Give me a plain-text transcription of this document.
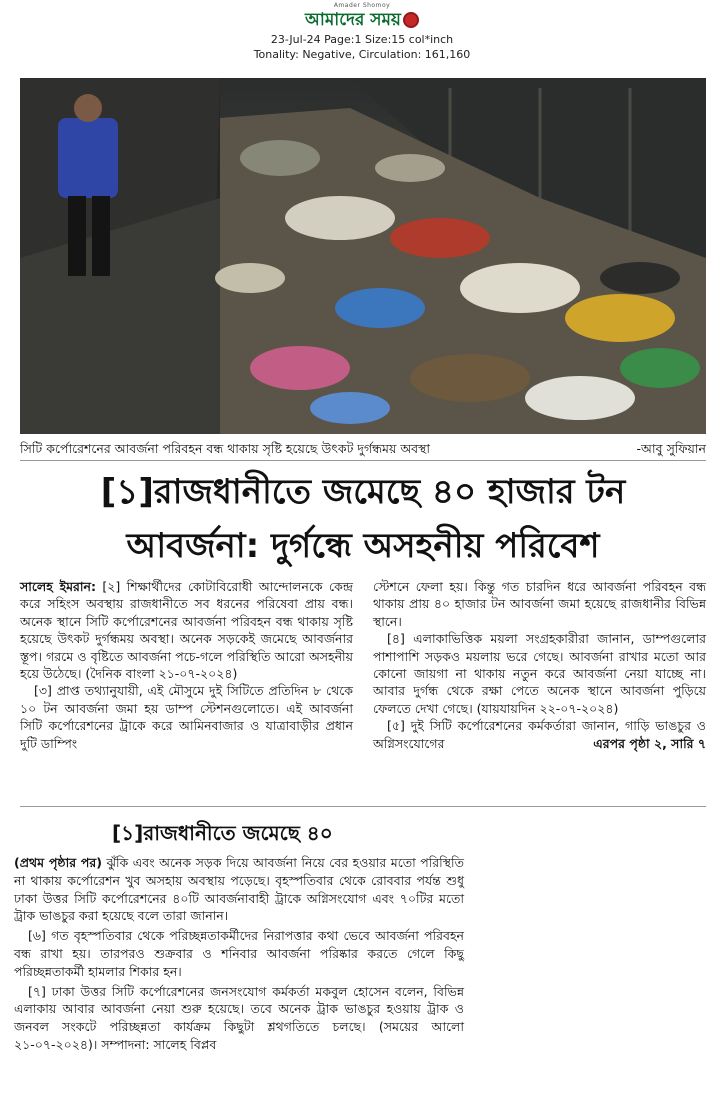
Amader Shomoy
আমাদের সময়
23-Jul-24 Page:1 Size:15 col*inch
Tonality: Negative, Circulation: 161,160
সিটি কর্পোরেশনের আবর্জনা পরিবহন বন্ধ থাকায় সৃষ্টি হয়েছে উৎকট দুর্গন্ধময় অবস্থা	-আবু সুফিয়ান
[১]রাজধানীতে জমেছে ৪০ হাজার টন
আবর্জনা: দুর্গন্ধে অসহনীয় পরিবেশ

সালেহ ইমরান: [২] শিক্ষার্থীদের কোটাবিরোধী আন্দোলনকে কেন্দ্র করে সহিংস অবস্থায় রাজধানীতে সব ধরনের পরিষেবা প্রায় বন্ধ। অনেক স্থানে সিটি কর্পোরেশনের আবর্জনা পরিবহন বন্ধ থাকায় সৃষ্টি হয়েছে উৎকট দুর্গন্ধময় অবস্থা। অনেক সড়কেই জমেছে আবর্জনার স্তূপ। গরমে ও বৃষ্টিতে আবর্জনা পচে-গলে পরিস্থিতি আরো অসহনীয় হয়ে উঠেছে। (দৈনিক বাংলা ২১-০৭-২০২৪)

[৩] প্রাপ্ত তথ্যানুযায়ী, এই মৌসুমে দুই সিটিতে প্রতিদিন ৮ থেকে ১০ টন আবর্জনা জমা হয় ডাম্প স্টেশনগুলোতে। এই আবর্জনা সিটি কর্পোরেশনের ট্রাকে করে আমিনবাজার ও যাত্রাবাড়ীর প্রধান দুটি ডাম্পিং

স্টেশনে ফেলা হয়। কিন্তু গত চারদিন ধরে আবর্জনা পরিবহন বন্ধ থাকায় প্রায় ৪০ হাজার টন আবর্জনা জমা হয়েছে রাজধানীর বিভিন্ন স্থানে।

[৪] এলাকাভিত্তিক ময়লা সংগ্রহকারীরা জানান, ডাম্পগুলোর পাশাপাশি সড়কও ময়লায় ভরে গেছে। আবর্জনা রাখার মতো আর কোনো জায়গা না থাকায় নতুন করে আবর্জনা নেয়া যাচ্ছে না। আবার দুর্গন্ধ থেকে রক্ষা পেতে অনেক স্থানে আবর্জনা পুড়িয়ে ফেলতে দেখা গেছে। (যায়যায়দিন ২২-০৭-২০২৪)

[৫] দুই সিটি কর্পোরেশনের কর্মকর্তারা জানান, গাড়ি ভাঙচুর ও অগ্নিসংযোগের	এরপর পৃষ্ঠা ২, সারি ৭

[১]রাজধানীতে জমেছে ৪০

(প্রথম পৃষ্ঠার পর) ঝুঁকি এবং অনেক সড়ক দিয়ে আবর্জনা নিয়ে বের হওয়ার মতো পরিস্থিতি না থাকায় কর্পোরেশন খুব অসহায় অবস্থায় পড়েছে। বৃহস্পতিবার থেকে রোববার পর্যন্ত শুধু ঢাকা উত্তর সিটি কর্পোরেশনের ৪০টি আবর্জনাবাহী ট্রাকে অগ্নিসংযোগ এবং ৭০টির মতো ট্রাক ভাঙচুর করা হয়েছে বলে তারা জানান।

[৬] গত বৃহস্পতিবার থেকে পরিচ্ছন্নতাকর্মীদের নিরাপত্তার কথা ভেবে আবর্জনা পরিবহন বন্ধ রাখা হয়। তারপরও শুক্রবার ও শনিবার আবর্জনা পরিষ্কার করতে গেলে কিছু পরিচ্ছন্নতাকর্মী হামলার শিকার হন।

[৭] ঢাকা উত্তর সিটি কর্পোরেশনের জনসংযোগ কর্মকর্তা মকবুল হোসেন বলেন, বিভিন্ন এলাকায় আবার আবর্জনা নেয়া শুরু হয়েছে। তবে অনেক ট্রাক ভাঙচুর হওয়ায় ট্রাক ও জনবল সংকটে পরিচ্ছন্নতা কার্যক্রম কিছুটা শ্লথগতিতে চলছে। (সময়ের আলো ২১-০৭-২০২৪)। সম্পাদনা: সালেহ বিপ্লব
